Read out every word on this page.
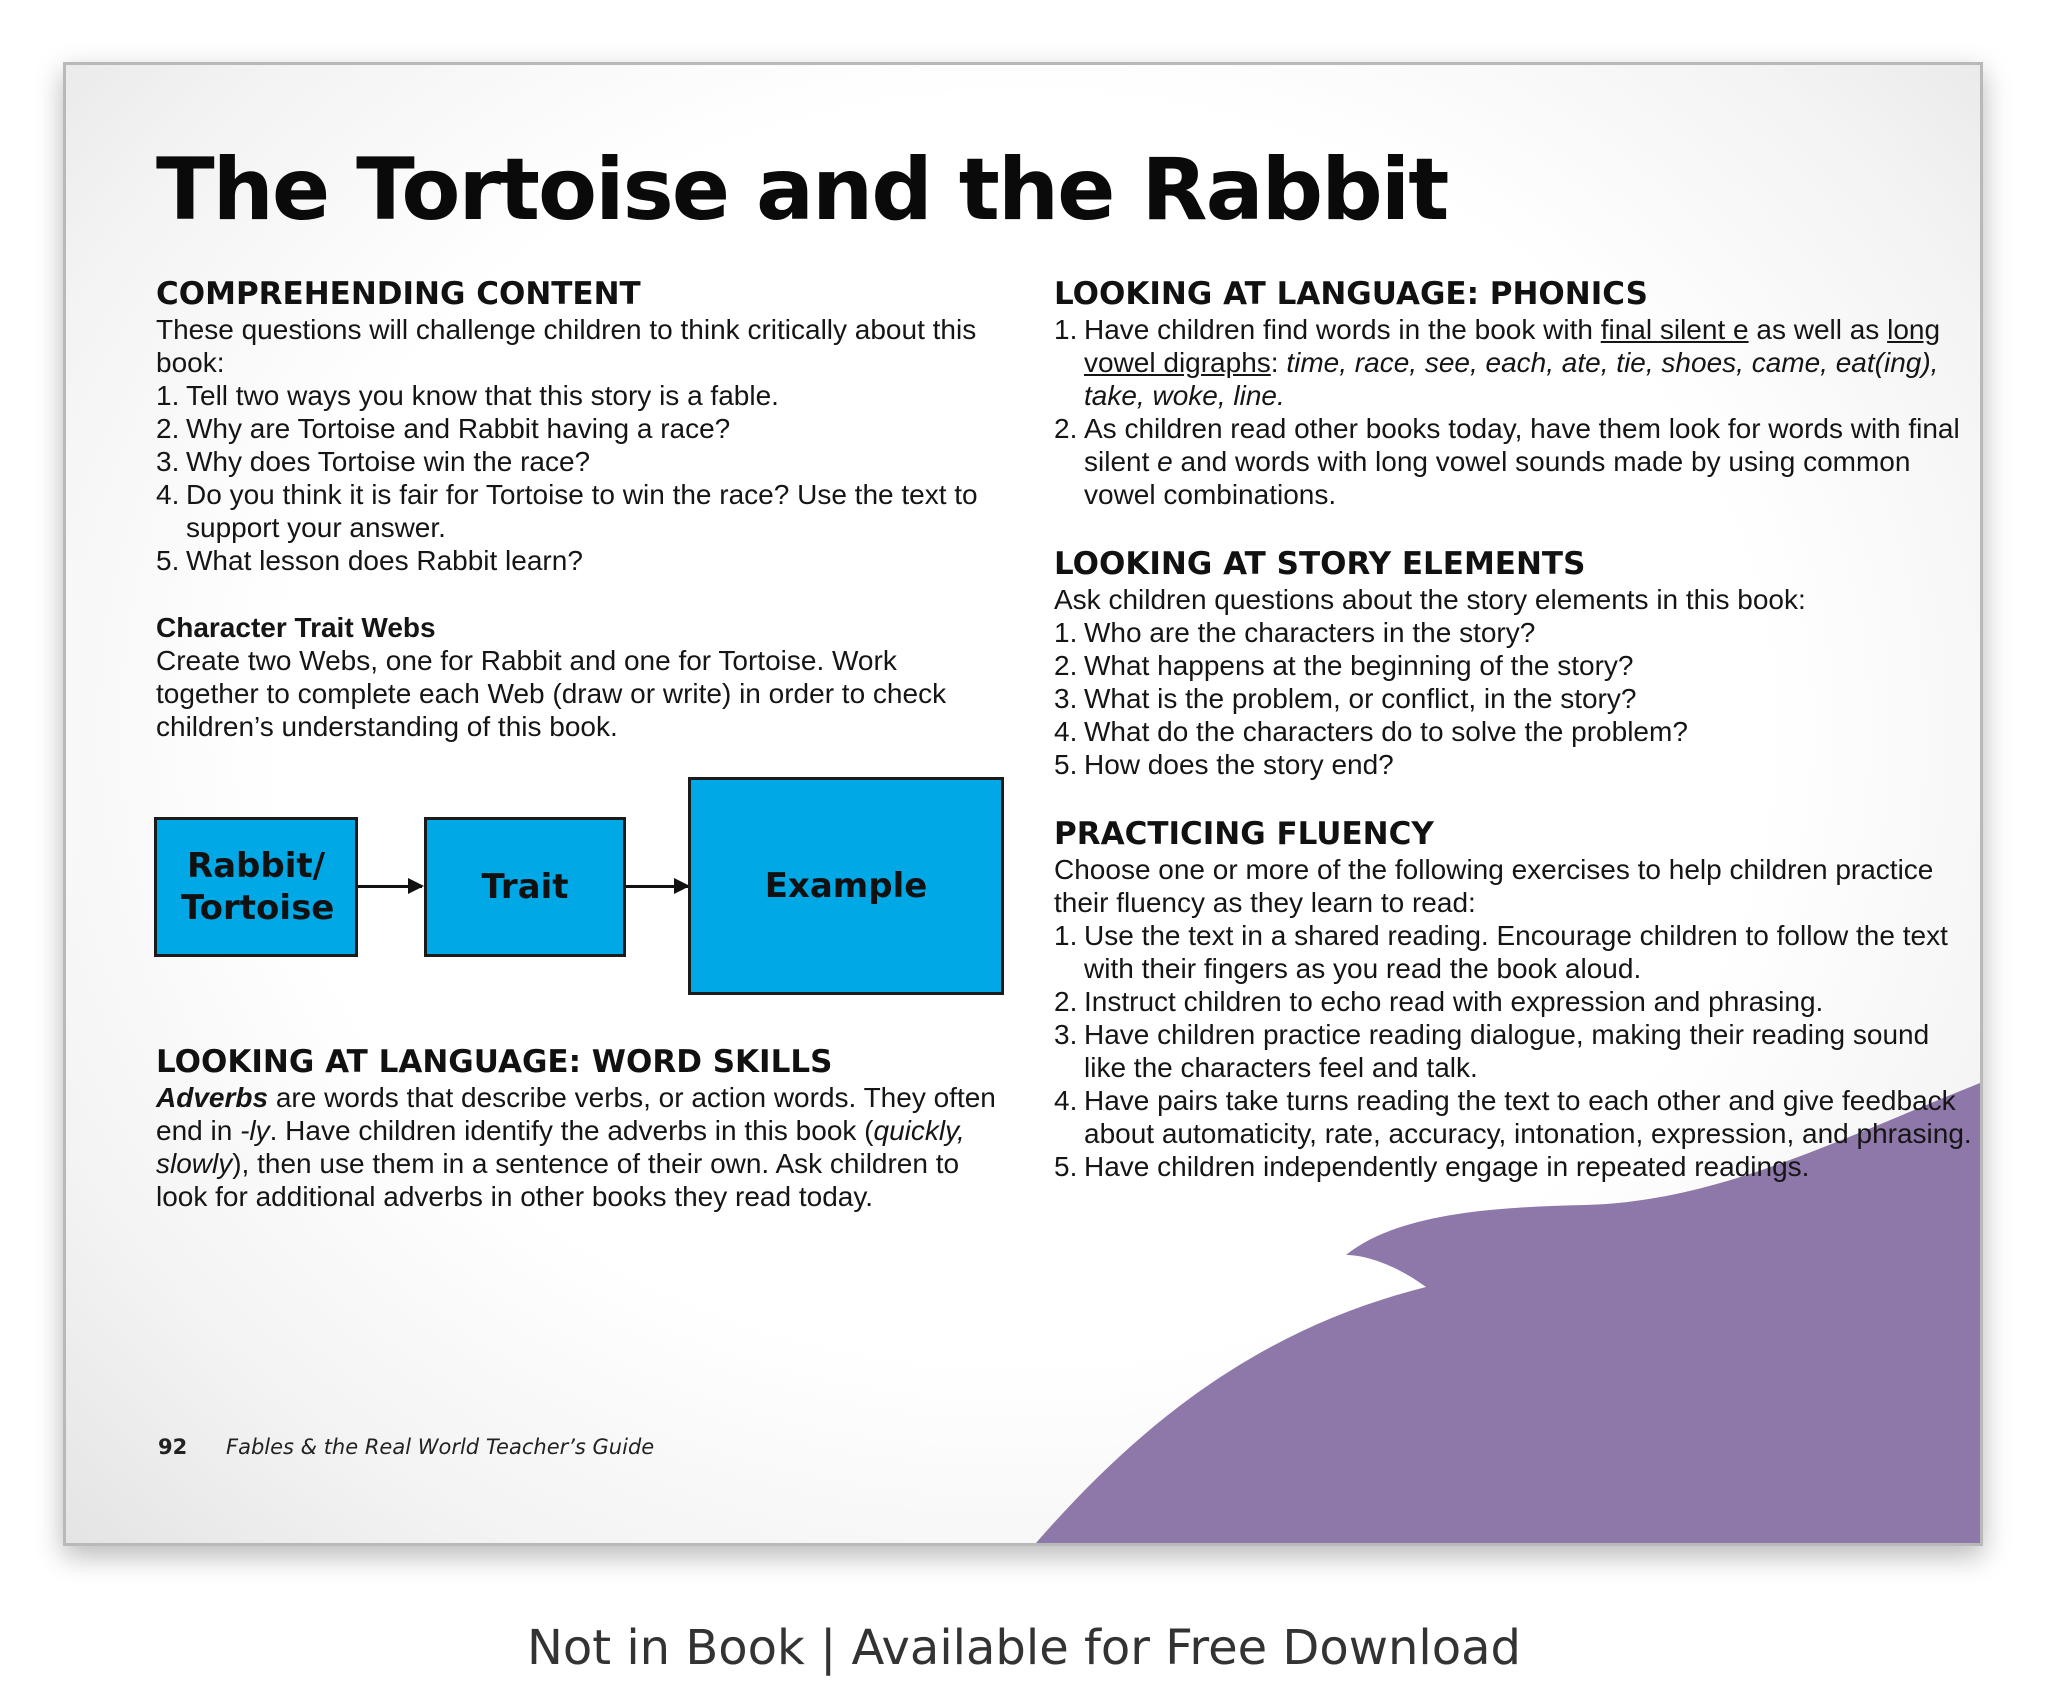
The Tortoise and the Rabbit
COMPREHENDING CONTENT

These questions will challenge children to think critically about this book:

1. Tell two ways you know that this story is a fable.
2. Why are Tortoise and Rabbit having a race?
3. Why does Tortoise win the race?
4. Do you think it is fair for Tortoise to win the race? Use the text to support your answer.
5. What lesson does Rabbit learn?
Character Trait Webs

Create two Webs, one for Rabbit and one for Tortoise. Work together to complete each Web (draw or write) in order to check children’s understanding of this book.

Rabbit/ Tortoise
Trait	Example
LOOKING AT LANGUAGE: WORD SKILLS

Adverbs are words that describe verbs, or action words. They often end in -ly. Have children identify the adverbs in this book (quickly, slowly), then use them in a sentence of their own. Ask children to look for additional adverbs in other books they read today.

LOOKING AT LANGUAGE: PHONICS
1. Have children find words in the book with final silent e as well as long vowel digraphs: time, race, see, each, ate, tie, shoes, came, eat(ing), take, woke, line.
2. As children read other books today, have them look for words with final silent e and words with long vowel sounds made by using common vowel combinations.
LOOKING AT STORY ELEMENTS

Ask children questions about the story elements in this book:

1. Who are the characters in the story?
2. What happens at the beginning of the story?
3. What is the problem, or conflict, in the story?
4. What do the characters do to solve the problem?
5. How does the story end?
PRACTICING FLUENCY

Choose one or more of the following exercises to help children practice their fluency as they learn to read:

1. Use the text in a shared reading. Encourage children to follow the text with their fingers as you read the book aloud.
2. Instruct children to echo read with expression and phrasing.
3. Have children practice reading dialogue, making their reading sound like the characters feel and talk.
4. Have pairs take turns reading the text to each other and give feedback about automaticity, rate, accuracy, intonation, expression, and phrasing.
5. Have children independently engage in repeated readings.
92 Fables & the Real World Teacher’s Guide
Not in Book | Available for Free Download
